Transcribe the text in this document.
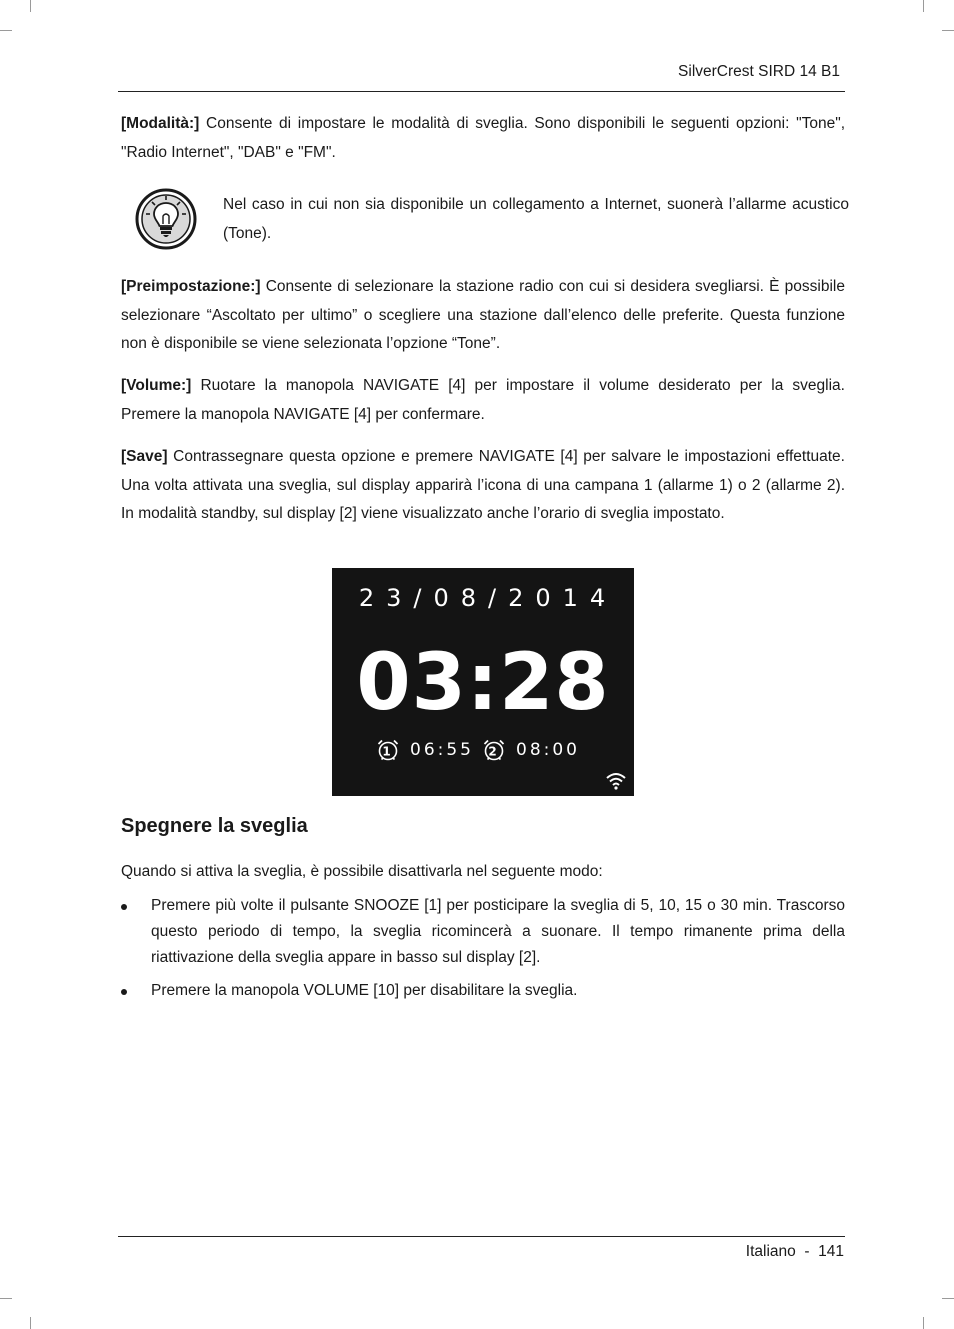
SilverCrest SIRD 14 B1

[Modalità:] Consente di impostare le modalità di sveglia. Sono disponibili le seguenti opzioni: "Tone", "Radio Internet", "DAB" e "FM".

Nel caso in cui non sia disponibile un collegamento a Internet, suonerà l’allarme acustico (Tone).

[Preimpostazione:] Consente di selezionare la stazione radio con cui si desidera svegliarsi. È possibile selezionare “Ascoltato per ultimo” o scegliere una stazione dall’elenco delle preferite. Questa funzione non è disponibile se viene selezionata l’opzione “Tone”.

[Volume:] Ruotare la manopola NAVIGATE [4] per impostare il volume desiderato per la sveglia. Premere la manopola NAVIGATE [4] per confermare.

[Save] Contrassegnare questa opzione e premere NAVIGATE [4] per salvare le impostazioni effettuate. Una volta attivata una sveglia, sul display apparirà l’icona di una campana 1 (allarme 1) o 2 (allarme 2). In modalità standby, sul display [2] viene visualizzato anche l’orario di sveglia impostato.

23/08/2014
03:28
1 06:55 2 08:00
Spegnere la sveglia

Quando si attiva la sveglia, è possibile disattivarla nel seguente modo:

Premere più volte il pulsante SNOOZE [1] per posticipare la sveglia di 5, 10, 15 o 30 min. Trascorso questo periodo di tempo, la sveglia ricomincerà a suonare. Il tempo rimanente prima della riattivazione della sveglia appare in basso sul display [2].
Premere la manopola VOLUME [10] per disabilitare la sveglia.
Italiano  -  141
